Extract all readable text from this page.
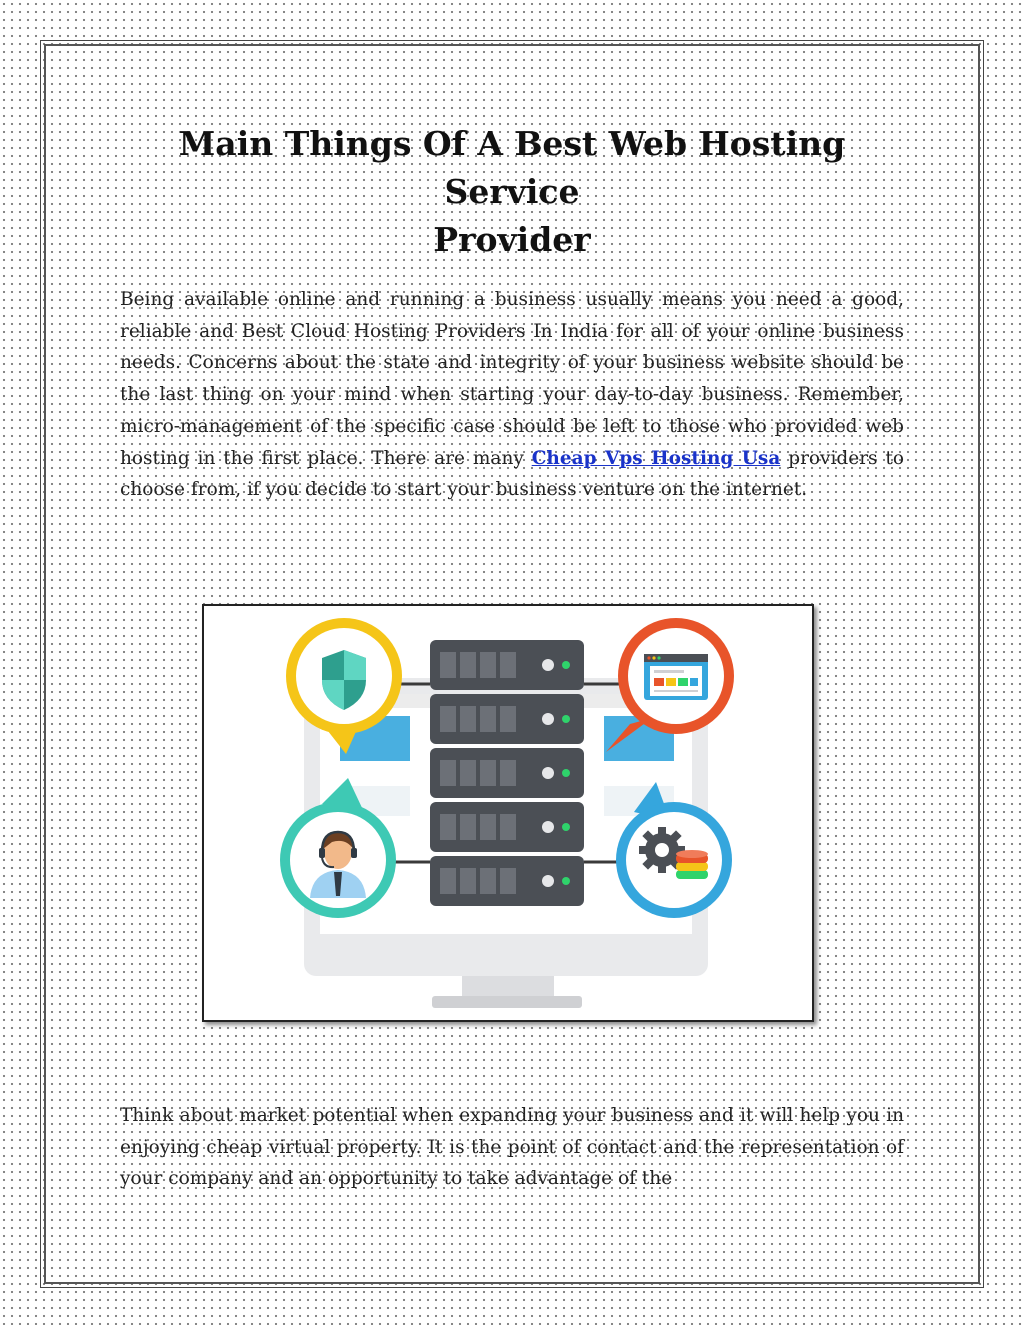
Main Things Of A Best Web Hosting Service
Provider

Being available online and running a business usually means you need a good, reliable and Best Cloud Hosting Providers In India for all of your online business needs. Concerns about the state and integrity of your business website should be the last thing on your mind when starting your day-to-day business. Remember, micro-management of the specific case should be left to those who provided web hosting in the first place. There are many Cheap Vps Hosting Usa providers to choose from, if you decide to start your business venture on the internet.

Think about market potential when expanding your business and it will help you in enjoying cheap virtual property. It is the point of contact and the representation of your company and an opportunity to take advantage of the
